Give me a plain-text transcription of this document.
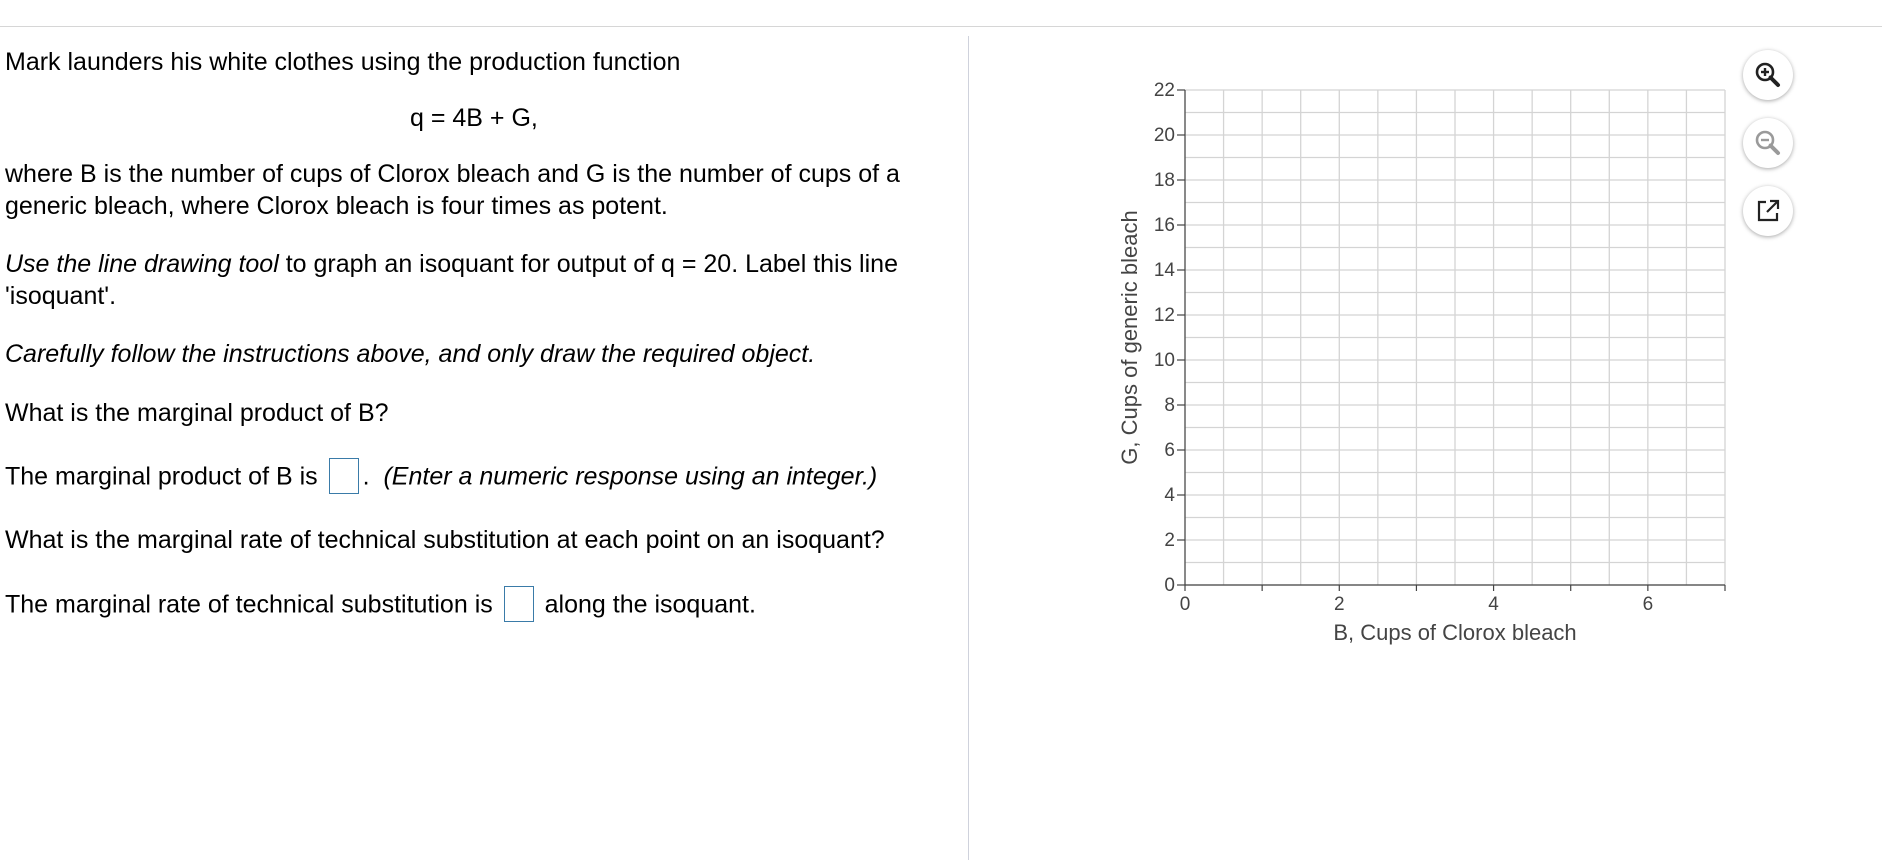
Mark launders his white clothes using the production function

where B is the number of cups of Clorox bleach and G is the number of cups of a generic bleach, where Clorox bleach is four times as potent.

Use the line drawing tool to graph an isoquant for output of q = 20. Label this line 'isoquant'.

Carefully follow the instructions above, and only draw the required object.

What is the marginal product of B?

The marginal product of B is . (Enter a numeric response using an integer.)

What is the marginal rate of technical substitution at each point on an isoquant?

The marginal rate of technical substitution is along the isoquant.

q = 4B + G,
0
2
4
6
8
10
12
14
16
18
20
22
0	2	4	6
B, Cups of Clorox bleach
G, Cups of generic bleach
